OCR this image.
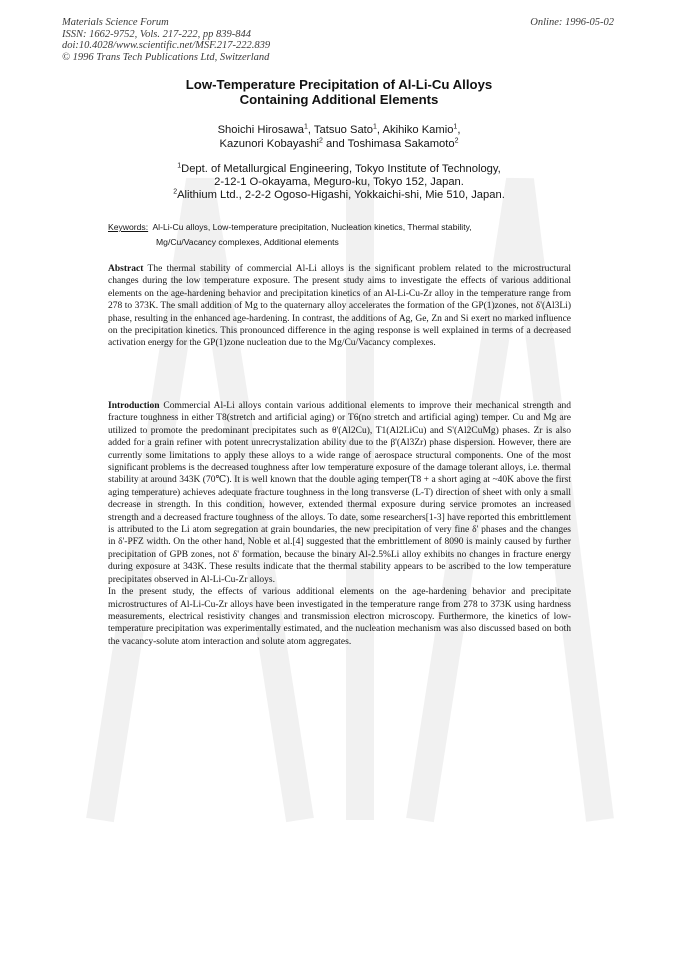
Materials Science Forum
ISSN: 1662-9752, Vols. 217-222, pp 839-844
doi:10.4028/www.scientific.net/MSF.217-222.839
© 1996 Trans Tech Publications Ltd, Switzerland
Online: 1996-05-02
Low-Temperature Precipitation of Al-Li-Cu Alloys
Containing Additional Elements
Shoichi Hirosawa$^1$, Tatsuo Sato$^1$, Akihiko Kamio$^1$,
Kazunori Kobayashi$^2$ and Toshimasa Sakamoto$^2$
$^1$Dept. of Metallurgical Engineering, Tokyo Institute of Technology,
2-12-1 O-okayama, Meguro-ku, Tokyo 152, Japan.
$^2$Alithium Ltd., 2-2-2 Ogoso-Higashi, Yokkaichi-shi, Mie 510, Japan.
Keywords: Al-Li-Cu alloys, Low-temperature precipitation, Nucleation kinetics, Thermal stability,
Mg/Cu/Vacancy complexes, Additional elements
Abstract The thermal stability of commercial Al-Li alloys is the significant problem related to the microstructural changes during the low temperature exposure. The present study aims to investigate the effects of various additional elements on the age-hardening behavior and precipitation kinetics of an Al-Li-Cu-Zr alloy in the temperature range from 278 to 373K. The small addition of Mg to the quaternary alloy accelerates the formation of the GP(1)zones, not δ'(Al3Li) phase, resulting in the enhanced age-hardening. In contrast, the additions of Ag, Ge, Zn and Si exert no marked influence on the precipitation kinetics. This pronounced difference in the aging response is well explained in terms of a decreased activation energy for the GP(1)zone nucleation due to the Mg/Cu/Vacancy complexes.
Introduction Commercial Al-Li alloys contain various additional elements to improve their mechanical strength and fracture toughness in either T8(stretch and artificial aging) or T6(no stretch and artificial aging) temper. Cu and Mg are utilized to promote the predominant precipitates such as θ'(Al2Cu), T1(Al2LiCu) and S'(Al2CuMg) phases. Zr is also added for a grain refiner with potent unrecrystalization ability due to the β'(Al3Zr) phase dispersion. However, there are currently some limitations to apply these alloys to a wide range of aerospace structural components. One of the most significant problems is the decreased toughness after low temperature exposure of the damage tolerant alloys, i.e. thermal stability at around 343K (70℃). It is well known that the double aging temper(T8 + a short aging at ~40K above the first aging temperature) achieves adequate fracture toughness in the long transverse (L-T) direction of sheet with only a small decrease in strength. In this condition, however, extended thermal exposure during service promotes an increased strength and a decreased fracture toughness of the alloys. To date, some researchers[1-3] have reported this embrittlement is attributed to the Li atom segregation at grain boundaries, the new precipitation of very fine δ' phases and the changes in δ'-PFZ width. On the other hand, Noble et al.[4] suggested that the embrittlement of 8090 is mainly caused by further precipitation of GPB zones, not δ' formation, because the binary Al-2.5%Li alloy exhibits no changes in fracture energy during exposure at 343K. These results indicate that the thermal stability appears to be ascribed to the low temperature precipitates observed in Al-Li-Cu-Zr alloys.
In the present study, the effects of various additional elements on the age-hardening behavior and precipitate microstructures of Al-Li-Cu-Zr alloys have been investigated in the temperature range from 278 to 373K using hardness measurements, electrical resistivity changes and transmission electron microscopy. Furthermore, the kinetics of low-temperature precipitation was experimentally estimated, and the nucleation mechanism was also discussed based on both the vacancy-solute atom interaction and solute atom aggregates.
